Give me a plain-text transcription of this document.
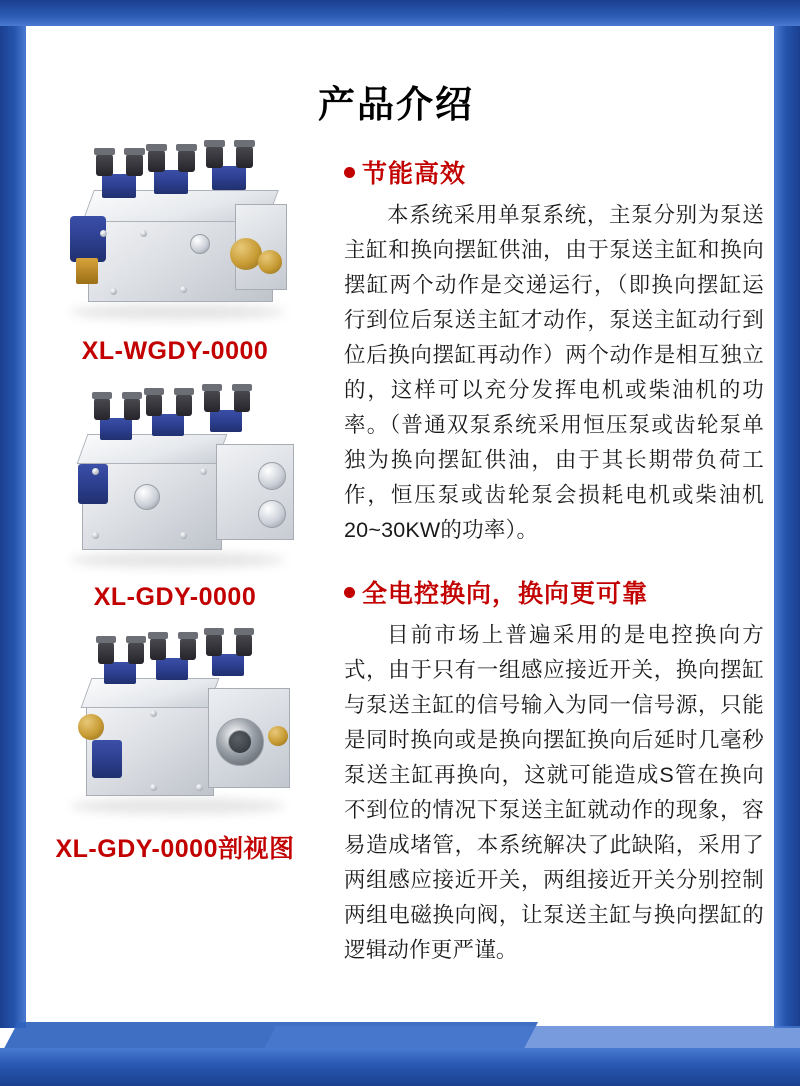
产品介绍
XL-WGDY-0000
XL-GDY-0000
XL-GDY-0000剖视图
节能高效
本系统采用单泵系统，主泵分别为泵送主缸和换向摆缸供油，由于泵送主缸和换向摆缸两个动作是交递运行，（即换向摆缸运行到位后泵送主缸才动作，泵送主缸动行到位后换向摆缸再动作）两个动作是相互独立的，这样可以充分发挥电机或柴油机的功率。（普通双泵系统采用恒压泵或齿轮泵单独为换向摆缸供油，由于其长期带负荷工作，恒压泵或齿轮泵会损耗电机或柴油机20~30KW的功率）。
全电控换向，换向更可靠
目前市场上普遍采用的是电控换向方式，由于只有一组感应接近开关，换向摆缸与泵送主缸的信号输入为同一信号源，只能是同时换向或是换向摆缸换向后延时几毫秒泵送主缸再换向，这就可能造成S管在换向不到位的情况下泵送主缸就动作的现象，容易造成堵管，本系统解决了此缺陷，采用了两组感应接近开关，两组接近开关分别控制两组电磁换向阀，让泵送主缸与换向摆缸的逻辑动作更严谨。
